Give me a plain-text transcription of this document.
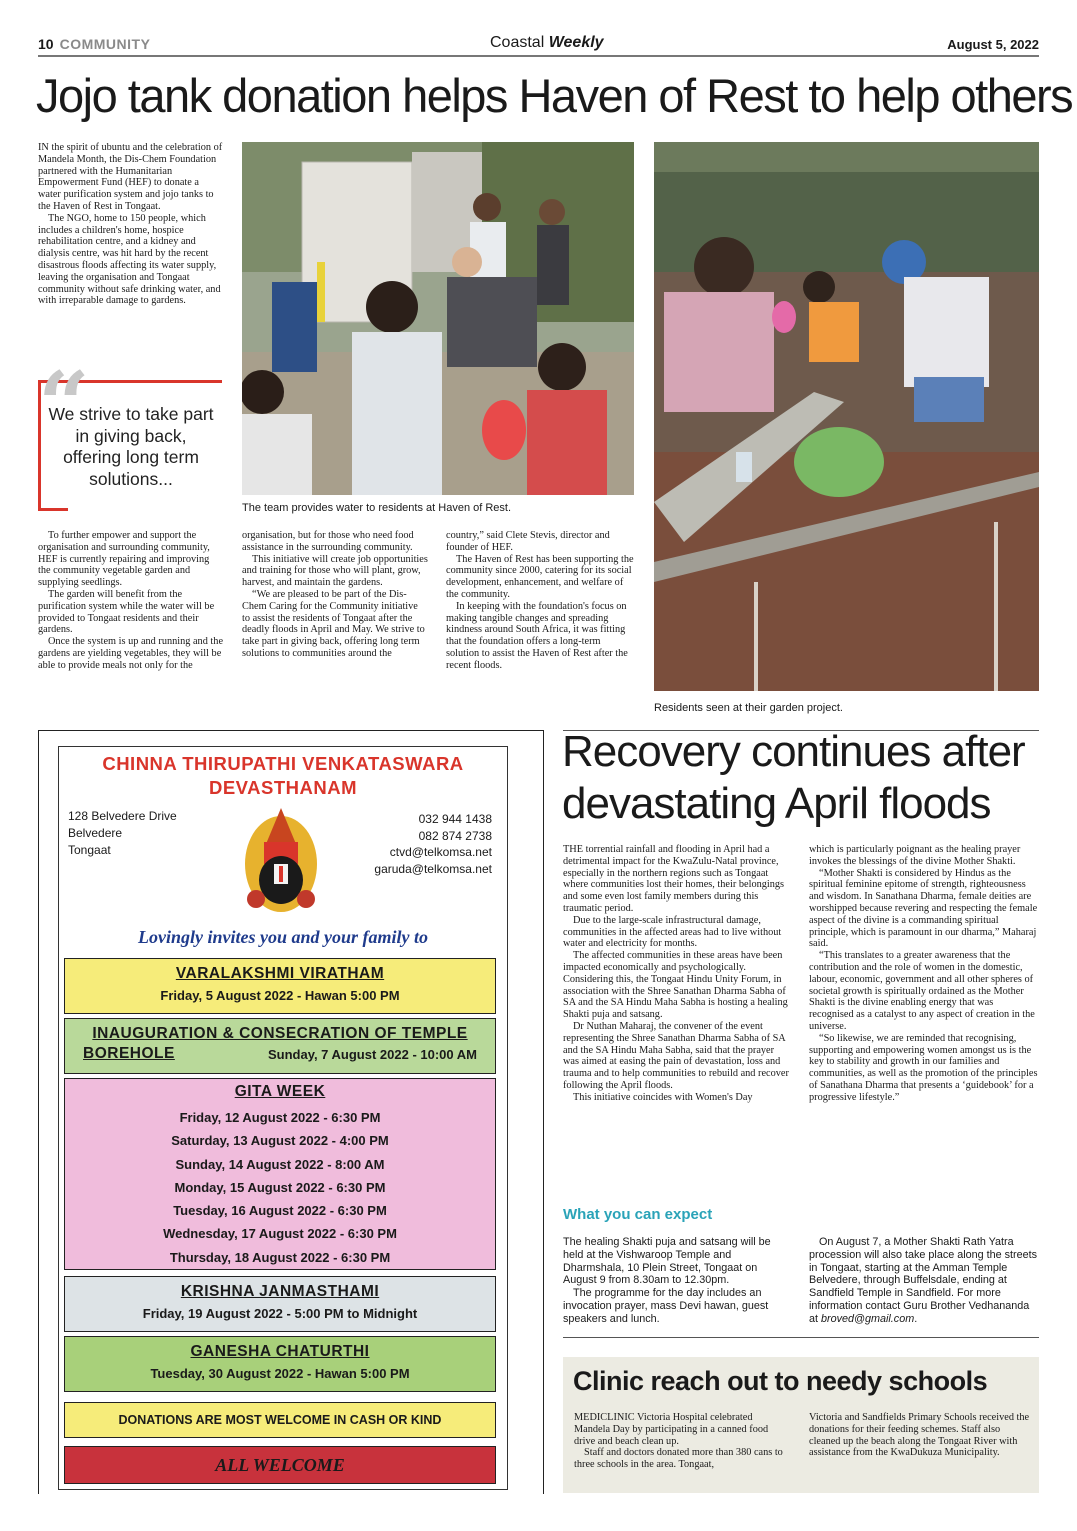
10 COMMUNITY	Coastal Weekly	August 5, 2022
Jojo tank donation helps Haven of Rest to help others

IN the spirit of ubuntu and the celebration of Mandela Month, the Dis-Chem Foundation partnered with the Humanitarian Empowerment Fund (HEF) to donate a water purification system and jojo tanks to the Haven of Rest in Tongaat.

The NGO, home to 150 people, which includes a children's home, hospice rehabilitation centre, and a kidney and dialysis centre, was hit hard by the recent disastrous floods affecting its water supply, leaving the organisation and Tongaat community without safe drinking water, and with irreparable damage to gardens.

“
We strive to take part in giving back, offering long term solutions...
The team provides water to residents at Haven of Rest.
Residents seen at their garden project.

To further empower and support the organisation and surrounding community, HEF is currently repairing and improving the community vegetable garden and supplying seedlings.

The garden will benefit from the purification system while the water will be provided to Tongaat residents and their gardens.

Once the system is up and running and the gardens are yielding vegetables, they will be able to provide meals not only for the

organisation, but for those who need food assistance in the surrounding community.

This initiative will create job opportunities and training for those who will plant, grow, harvest, and maintain the gardens.

“We are pleased to be part of the Dis-Chem Caring for the Community initiative to assist the residents of Tongaat after the deadly floods in April and May. We strive to take part in giving back, offering long term solutions to communities around the

country,” said Clete Stevis, director and founder of HEF.

The Haven of Rest has been supporting the community since 2000, catering for its social development, enhancement, and welfare of the community.

In keeping with the foundation's focus on making tangible changes and spreading kindness around South Africa, it was fitting that the foundation offers a long-term solution to assist the Haven of Rest after the recent floods.

CHINNA THIRUPATHI VENKATASWARA
DEVASTHANAM
128 Belvedere Drive
Belvedere
Tongaat
032 944 1438
082 874 2738
ctvd@telkomsa.net
garuda@telkomsa.net
Lovingly invites you and your family to
VARALAKSHMI VIRATHAM
Friday, 5 August 2022 - Hawan 5:00 PM
INAUGURATION & CONSECRATION OF TEMPLE
BOREHOLE	Sunday, 7 August 2022 - 10:00 AM
GITA WEEK
Friday, 12 August 2022 - 6:30 PM
Saturday, 13 August 2022 - 4:00 PM
Sunday, 14 August 2022 - 8:00 AM
Monday, 15 August 2022 - 6:30 PM
Tuesday, 16 August 2022 - 6:30 PM
Wednesday, 17 August 2022 - 6:30 PM
Thursday, 18 August 2022 - 6:30 PM
KRISHNA JANMASTHAMI
Friday, 19 August 2022 - 5:00 PM to Midnight
GANESHA CHATURTHI
Tuesday, 30 August 2022 - Hawan 5:00 PM
DONATIONS ARE MOST WELCOME IN CASH OR KIND
ALL WELCOME
Recovery continues after
devastating April floods

THE torrential rainfall and flooding in April had a detrimental impact for the KwaZulu-Natal province, especially in the northern regions such as Tongaat where communities lost their homes, their belongings and some even lost family members during this traumatic period.

Due to the large-scale infrastructural damage, communities in the affected areas had to live without water and electricity for months.

The affected communities in these areas have been impacted economically and psychologically. Considering this, the Tongaat Hindu Unity Forum, in association with the Shree Sanathan Dharma Sabha of SA and the SA Hindu Maha Sabha is hosting a healing Shakti puja and satsang.

Dr Nuthan Maharaj, the convener of the event representing the Shree Sanathan Dharma Sabha of SA and the SA Hindu Maha Sabha, said that the prayer was aimed at easing the pain of devastation, loss and trauma and to help communities to rebuild and recover following the April floods.

This initiative coincides with Women's Day

which is particularly poignant as the healing prayer invokes the blessings of the divine Mother Shakti.

“Mother Shakti is considered by Hindus as the spiritual feminine epitome of strength, righteousness and wisdom. In Sanathana Dharma, female deities are worshipped because revering and respecting the female aspect of the divine is a commanding spiritual principle, which is paramount in our dharma,” Maharaj said.

“This translates to a greater awareness that the contribution and the role of women in the domestic, labour, economic, government and all other spheres of societal growth is spiritually ordained as the Mother Shakti is the divine enabling energy that was recognised as a catalyst to any aspect of creation in the universe.

“So likewise, we are reminded that recognising, supporting and empowering women amongst us is the key to stability and growth in our families and communities, as well as the promotion of the principles of Sanathana Dharma that presents a ‘guidebook’ for a progressive lifestyle.”

What you can expect

The healing Shakti puja and satsang will be held at the Vishwaroop Temple and Dharmshala, 10 Plein Street, Tongaat on August 9 from 8.30am to 12.30pm.

The programme for the day includes an invocation prayer, mass Devi hawan, guest speakers and lunch.

On August 7, a Mother Shakti Rath Yatra procession will also take place along the streets in Tongaat, starting at the Amman Temple Belvedere, through Buffelsdale, ending at Sandfield Temple in Sandfield. For more information contact Guru Brother Vedhananda at broved@gmail.com.

Clinic reach out to needy schools

MEDICLINIC Victoria Hospital celebrated Mandela Day by participating in a canned food drive and beach clean up.

Staff and doctors donated more than 380 cans to three schools in the area. Tongaat,

Victoria and Sandfields Primary Schools received the donations for their feeding schemes. Staff also cleaned up the beach along the Tongaat River with assistance from the KwaDukuza Municipality.
